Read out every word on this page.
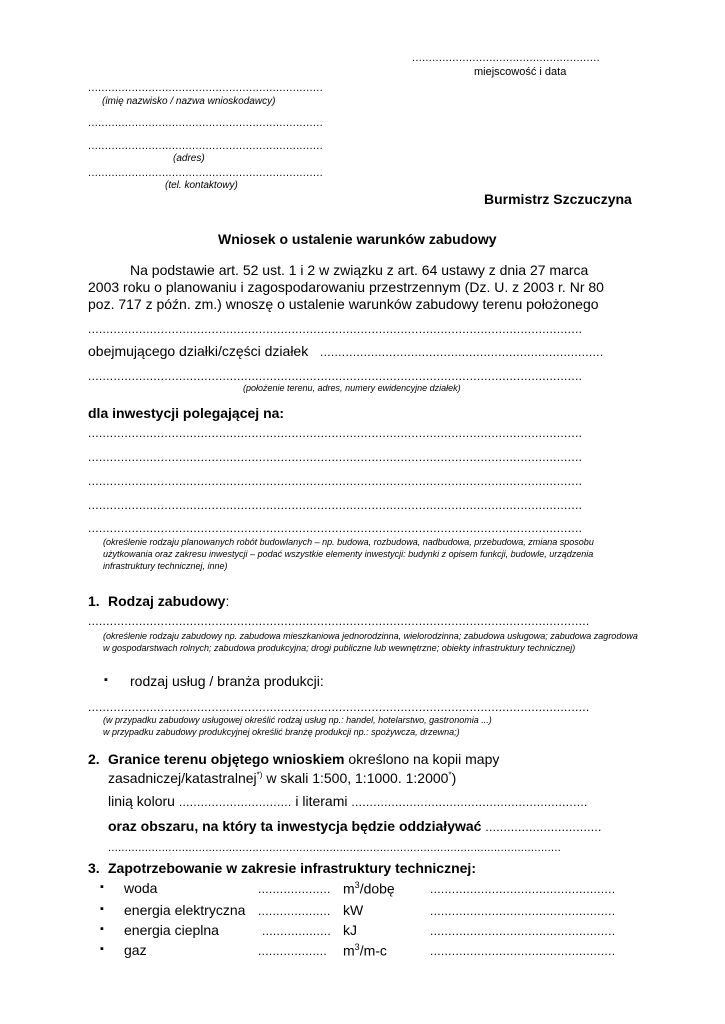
........................................................
miejscowość i data
......................................................................
(imię nazwisko / nazwa wnioskodawcy)
......................................................................
......................................................................
(adres)
......................................................................
(tel. kontaktowy)
Burmistrz Szczuczyna
Wniosek o ustalenie warunków zabudowy
Na podstawie art. 52 ust. 1 i 2 w związku z art. 64 ustawy z dnia 27 marca
2003 roku o planowaniu i zagospodarowaniu przestrzennym (Dz. U. z 2003 r. Nr 80
poz. 717 z późn. zm.) wnoszę o ustalenie warunków zabudowy terenu położonego
........................................................................................................................................
obejmującego działki/części działek ..............................................................................
........................................................................................................................................
(położenie terenu, adres, numery ewidencyjne działek)
dla inwestycji polegającej na:
........................................................................................................................................
........................................................................................................................................
........................................................................................................................................
........................................................................................................................................
........................................................................................................................................
(określenie rodzaju planowanych robót budowlanych – np. budowa, rozbudowa, nadbudowa, przebudowa, zmiana sposobu użytkowania oraz zakresu inwestycji – podać wszystkie elementy inwestycji: budynki z opisem funkcji, budowle, urządzenia infrastruktury technicznej, inne)
1. Rodzaj zabudowy:
..........................................................................................................................................
(określenie rodzaju zabudowy np. zabudowa mieszkaniowa jednorodzinna, wielorodzinna; zabudowa usługowa; zabudowa zagrodowa w gospodarstwach rolnych; zabudowa produkcyjna; drogi publiczne lub wewnętrzne; obiekty infrastruktury technicznej)
▪ rodzaj usług / branża produkcji:
..........................................................................................................................................
(w przypadku zabudowy usługowej określić rodzaj usług np.: handel, hotelarstwo, gastronomia ...)
w przypadku zabudowy produkcyjnej określić branżę produkcji np.: spożywcza, drzewna;)
2. Granice terenu objętego wnioskiem określono na kopii mapy
zasadniczej/katastralnej*) w skali 1:500, 1:1000. 1:2000*)
linią koloru ............................... i literami .................................................................
oraz obszaru, na który ta inwestycja będzie oddziaływać ................................
.......................................................................................................................................
3. Zapotrzebowanie w zakresie infrastruktury technicznej:
▪ woda	.................... $m^3$/dobę	...................................................
▪ energia elektryczna .................... kW	...................................................
▪ energia cieplna	................... kJ	...................................................
▪ gaz	................... $m^3/m-c$	...................................................
